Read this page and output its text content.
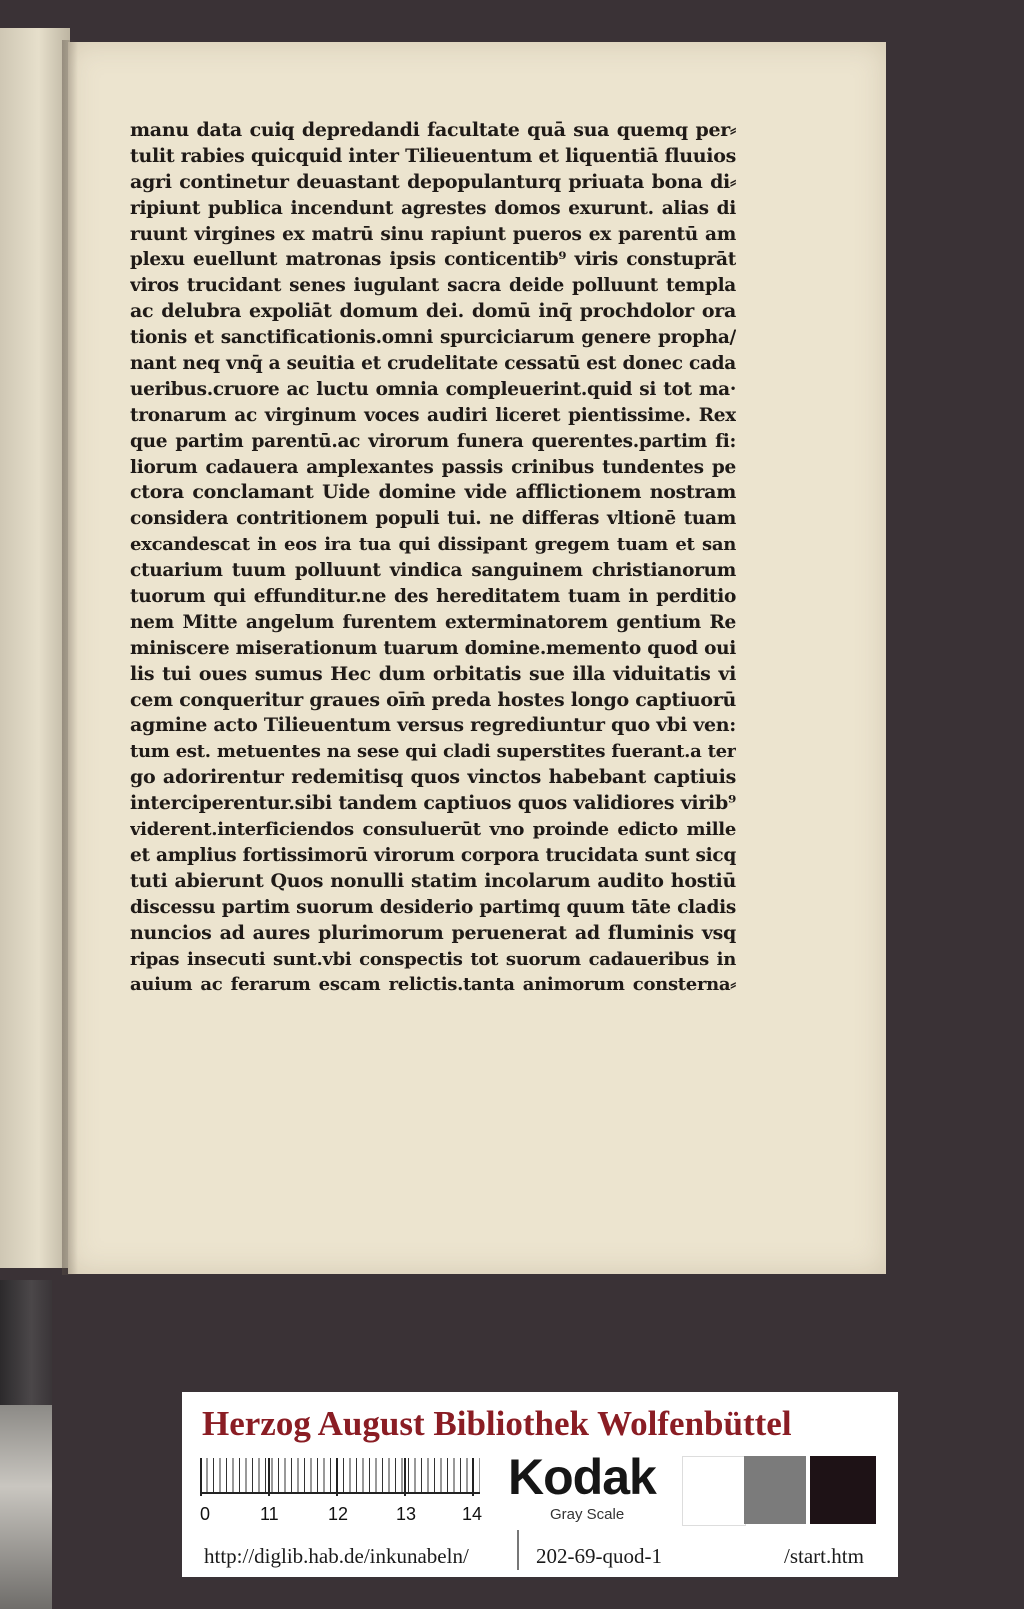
manu data cuiq depredandi facultate quā sua quemq per⸗
tulit rabies quicquid inter Tilieuentum et liquentiā fluuios
agri continetur deuastant depopulanturq priuata bona di⸗
ripiunt publica incendunt agrestes domos exurunt. alias di
ruunt virgines ex matrū sinu rapiunt pueros ex parentū am
plexu euellunt matronas ipsis conticentib⁹ viris constuprāt
viros trucidant senes iugulant sacra deide polluunt templa
ac delubra expoliāt domum dei. domū inq̄ prochdolor ora
tionis et sanctificationis.omni spurciciarum genere propha/
nant neq vnq̄ a seuitia et crudelitate cessatū est donec cada
ueribus.cruore ac luctu omnia compleuerint.quid si tot ma·
tronarum ac virginum voces audiri liceret pientissime. Rex
que partim parentū.ac virorum funera querentes.partim fi:
liorum cadauera amplexantes passis crinibus tundentes pe
ctora conclamant Uide domine vide afflictionem nostram
considera contritionem populi tui. ne differas vltionē tuam
excandescat in eos ira tua qui dissipant gregem tuam et san
ctuarium tuum polluunt vindica sanguinem christianorum
tuorum qui effunditur.ne des hereditatem tuam in perditio
nem Mitte angelum furentem exterminatorem gentium Re
miniscere miserationum tuarum domine.memento quod oui
lis tui oues sumus Hec dum orbitatis sue illa viduitatis vi
cem conqueritur graues oīm̄ preda hostes longo captiuorū
agmine acto Tilieuentum versus regrediuntur quo vbi ven:
tum est. metuentes na sese qui cladi superstites fuerant.a ter
go adorirentur redemitisq quos vinctos habebant captiuis
interciperentur.sibi tandem captiuos quos validiores virib⁹
viderent.interficiendos consuluerūt vno proinde edicto mille
et amplius fortissimorū virorum corpora trucidata sunt sicq
tuti abierunt Quos nonulli statim incolarum audito hostiū
discessu partim suorum desiderio partimq quum tāte cladis
nuncios ad aures plurimorum peruenerat ad fluminis vsq
ripas insecuti sunt.vbi conspectis tot suorum cadaueribus in
auium ac ferarum escam relictis.tanta animorum consterna⸗
Herzog August Bibliothek Wolfenbüttel
0	11	12	13	14
Kodak
Gray Scale
http://diglib.hab.de/inkunabeln/	202-69-quod-1	/start.htm
